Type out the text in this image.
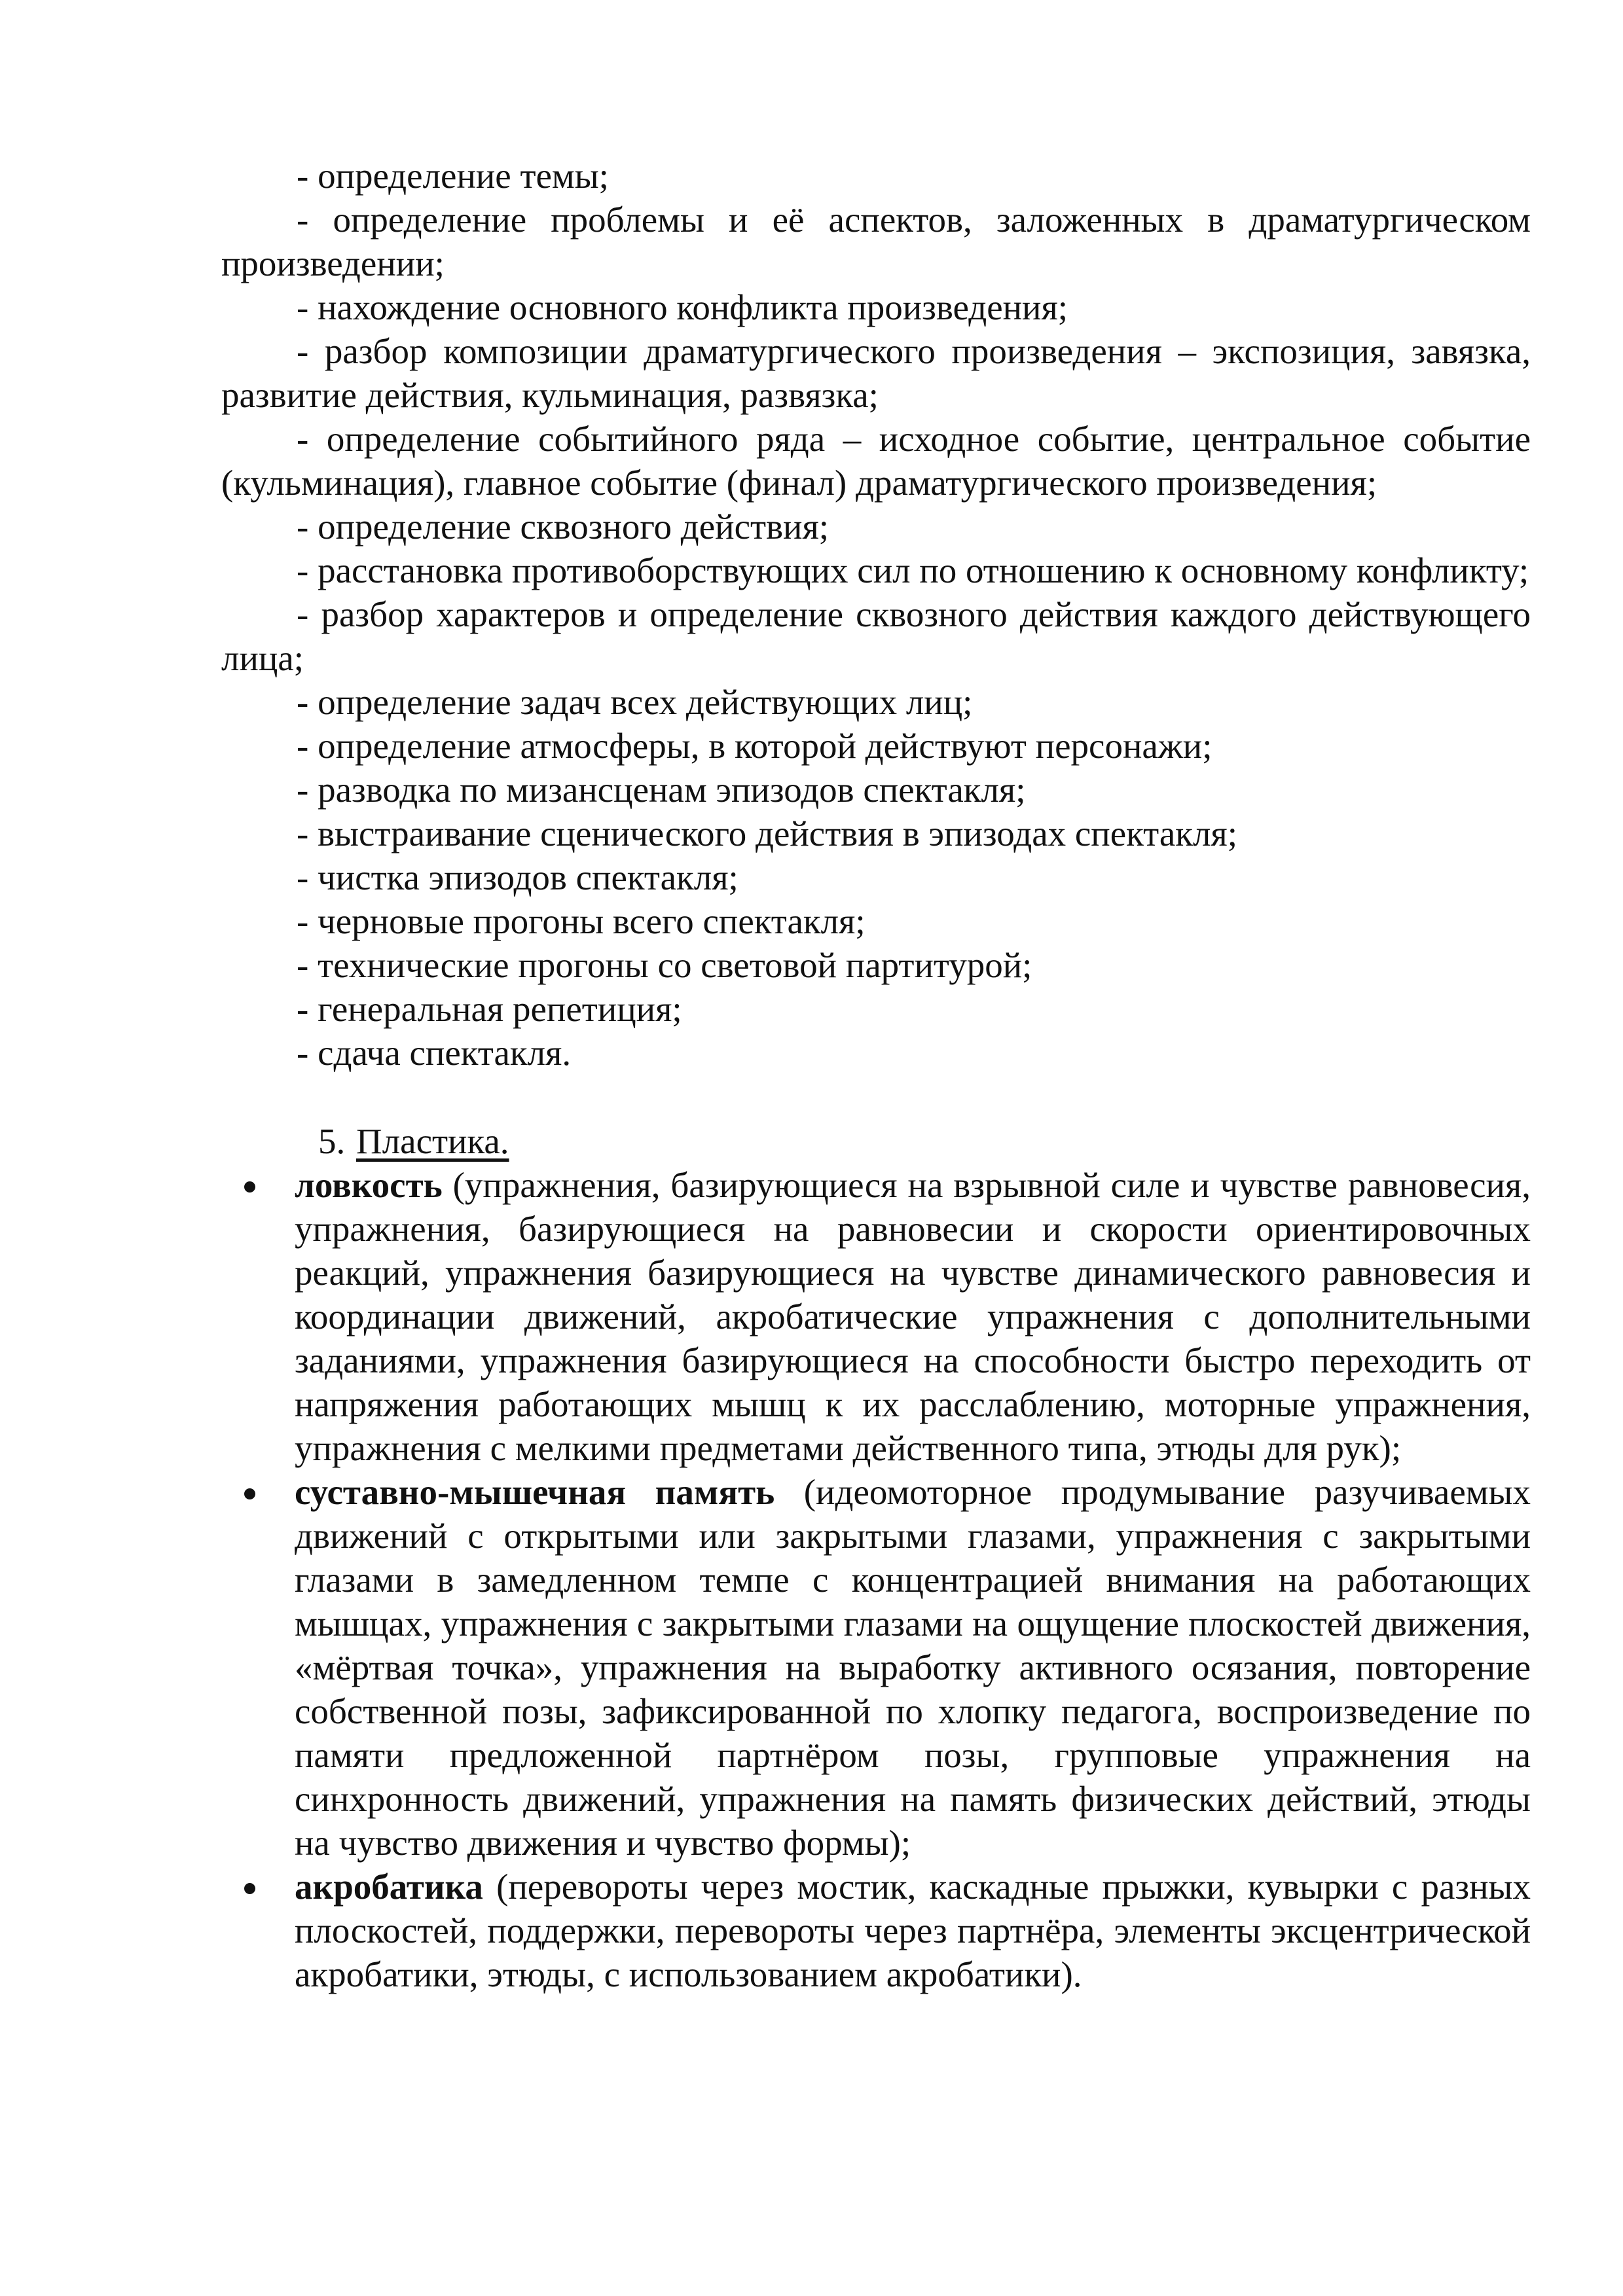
- определение темы;

- определение проблемы и её аспектов, заложенных в драматургическом произведении;

- нахождение основного конфликта произведения;

- разбор композиции драматургического произведения – экспозиция, завязка, развитие действия, кульминация, развязка;

- определение событийного ряда – исходное событие, центральное событие (кульминация), главное событие (финал) драматургического произведения;

- определение сквозного действия;

- расстановка противоборствующих сил по отношению к основному конфликту;

- разбор характеров и определение сквозного действия каждого действующего лица;

- определение задач всех действующих лиц;

- определение атмосферы, в которой действуют персонажи;

- разводка по мизансценам эпизодов спектакля;

- выстраивание сценического действия в эпизодах спектакля;

- чистка эпизодов спектакля;

- черновые прогоны всего спектакля;

- технические прогоны со световой партитурой;

- генеральная репетиция;

- сдача спектакля.

5. Пластика.
ловкость (упражнения, базирующиеся на взрывной силе и чувстве равновесия, упражнения, базирующиеся на равновесии и скорости ориентировочных реакций, упражнения базирующиеся на чувстве динамического равновесия и координации движений, акробатические упражнения с дополнительными заданиями, упражнения базирующиеся на способности быстро переходить от напряжения работающих мышц к их расслаблению, моторные упражнения, упражнения с мелкими предметами действенного типа, этюды для рук);
суставно-мышечная память (идеомоторное продумывание разучиваемых движений с открытыми или закрытыми глазами, упражнения с закрытыми глазами в замедленном темпе с концентрацией внимания на работающих мышцах, упражнения с закрытыми глазами на ощущение плоскостей движения, «мёртвая точка», упражнения на выработку активного осязания, повторение собственной позы, зафиксированной по хлопку педагога, воспроизведение по памяти предложенной партнёром позы, групповые упражнения на синхронность движений, упражнения на память физических действий, этюды на чувство движения и чувство формы);
акробатика (перевороты через мостик, каскадные прыжки, кувырки с разных плоскостей, поддержки, перевороты через партнёра, элементы эксцентрической акробатики, этюды, с использованием акробатики).
